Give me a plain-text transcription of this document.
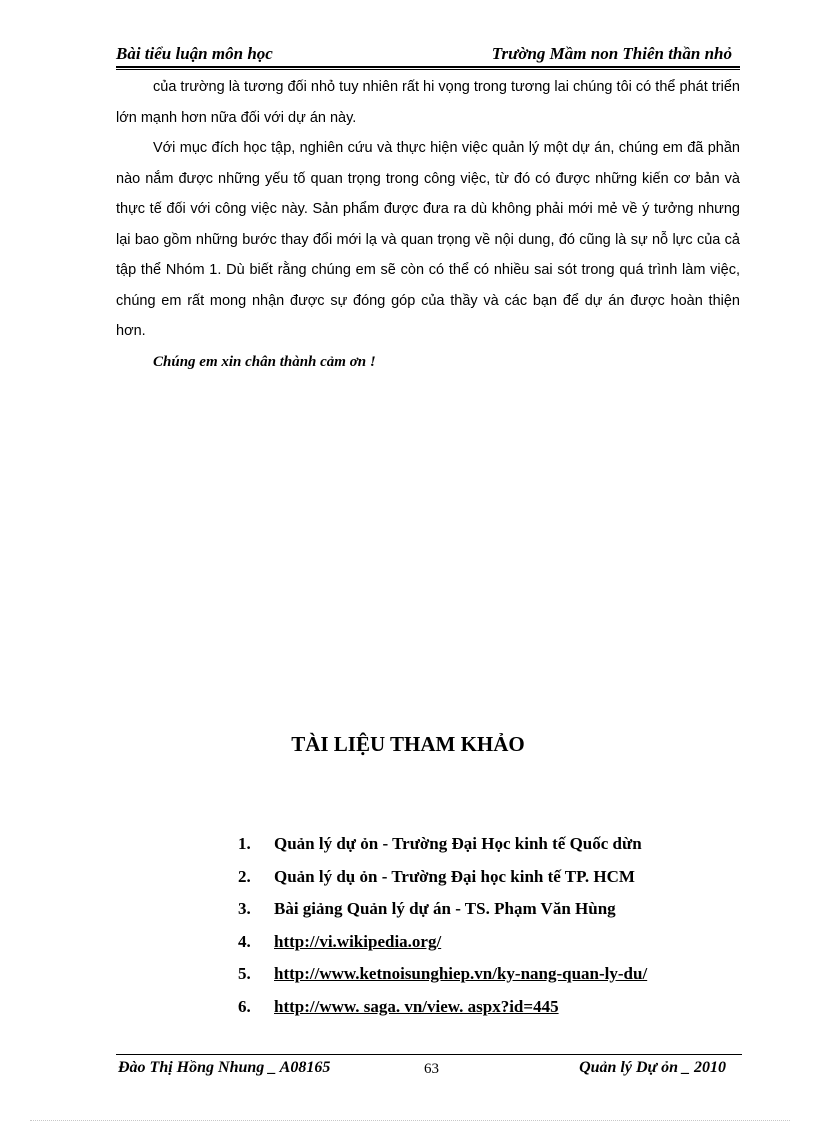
Bài tiểu luận môn học	Trường Mầm non Thiên thần nhỏ

của trường là tương đối nhỏ tuy nhiên rất hi vọng trong tương lai chúng tôi có thể phát triển lớn mạnh hơn nữa đối với dự án này.

Với mục đích học tập, nghiên cứu và thực hiện việc quản lý một dự án, chúng em đã phần nào nắm được những yếu tố quan trọng trong công việc, từ đó có được những kiến cơ bản và thực tế đối với công việc này. Sản phẩm được đưa ra dù không phải mới mẻ về ý tưởng nhưng lại bao gồm những bước thay đổi mới lạ và quan trọng về nội dung, đó cũng là sự nỗ lực của cả tập thể Nhóm 1. Dù biết rằng chúng em sẽ còn có thể có nhiều sai sót trong quá trình làm việc, chúng em rất mong nhận được sự đóng góp của thầy và các bạn để dự án được hoàn thiện hơn.

Chúng em xin chân thành cảm ơn !

TÀI LIỆU THAM KHẢO
1. Quản lý dự ỏn - Trường Đại Học kinh tế Quốc dừn
2. Quản lý dụ ỏn - Trường Đại học kinh tế TP. HCM
3. Bài giảng Quản lý dự án - TS. Phạm Văn Hùng
4. http://vi.wikipedia.org/
5. http://www.ketnoisunghiep.vn/ky-nang-quan-ly-du/
6. http://www. saga. vn/view. aspx?id=445
Đào Thị Hồng Nhung _ A08165	63	Quản lý Dự ỏn _ 2010
